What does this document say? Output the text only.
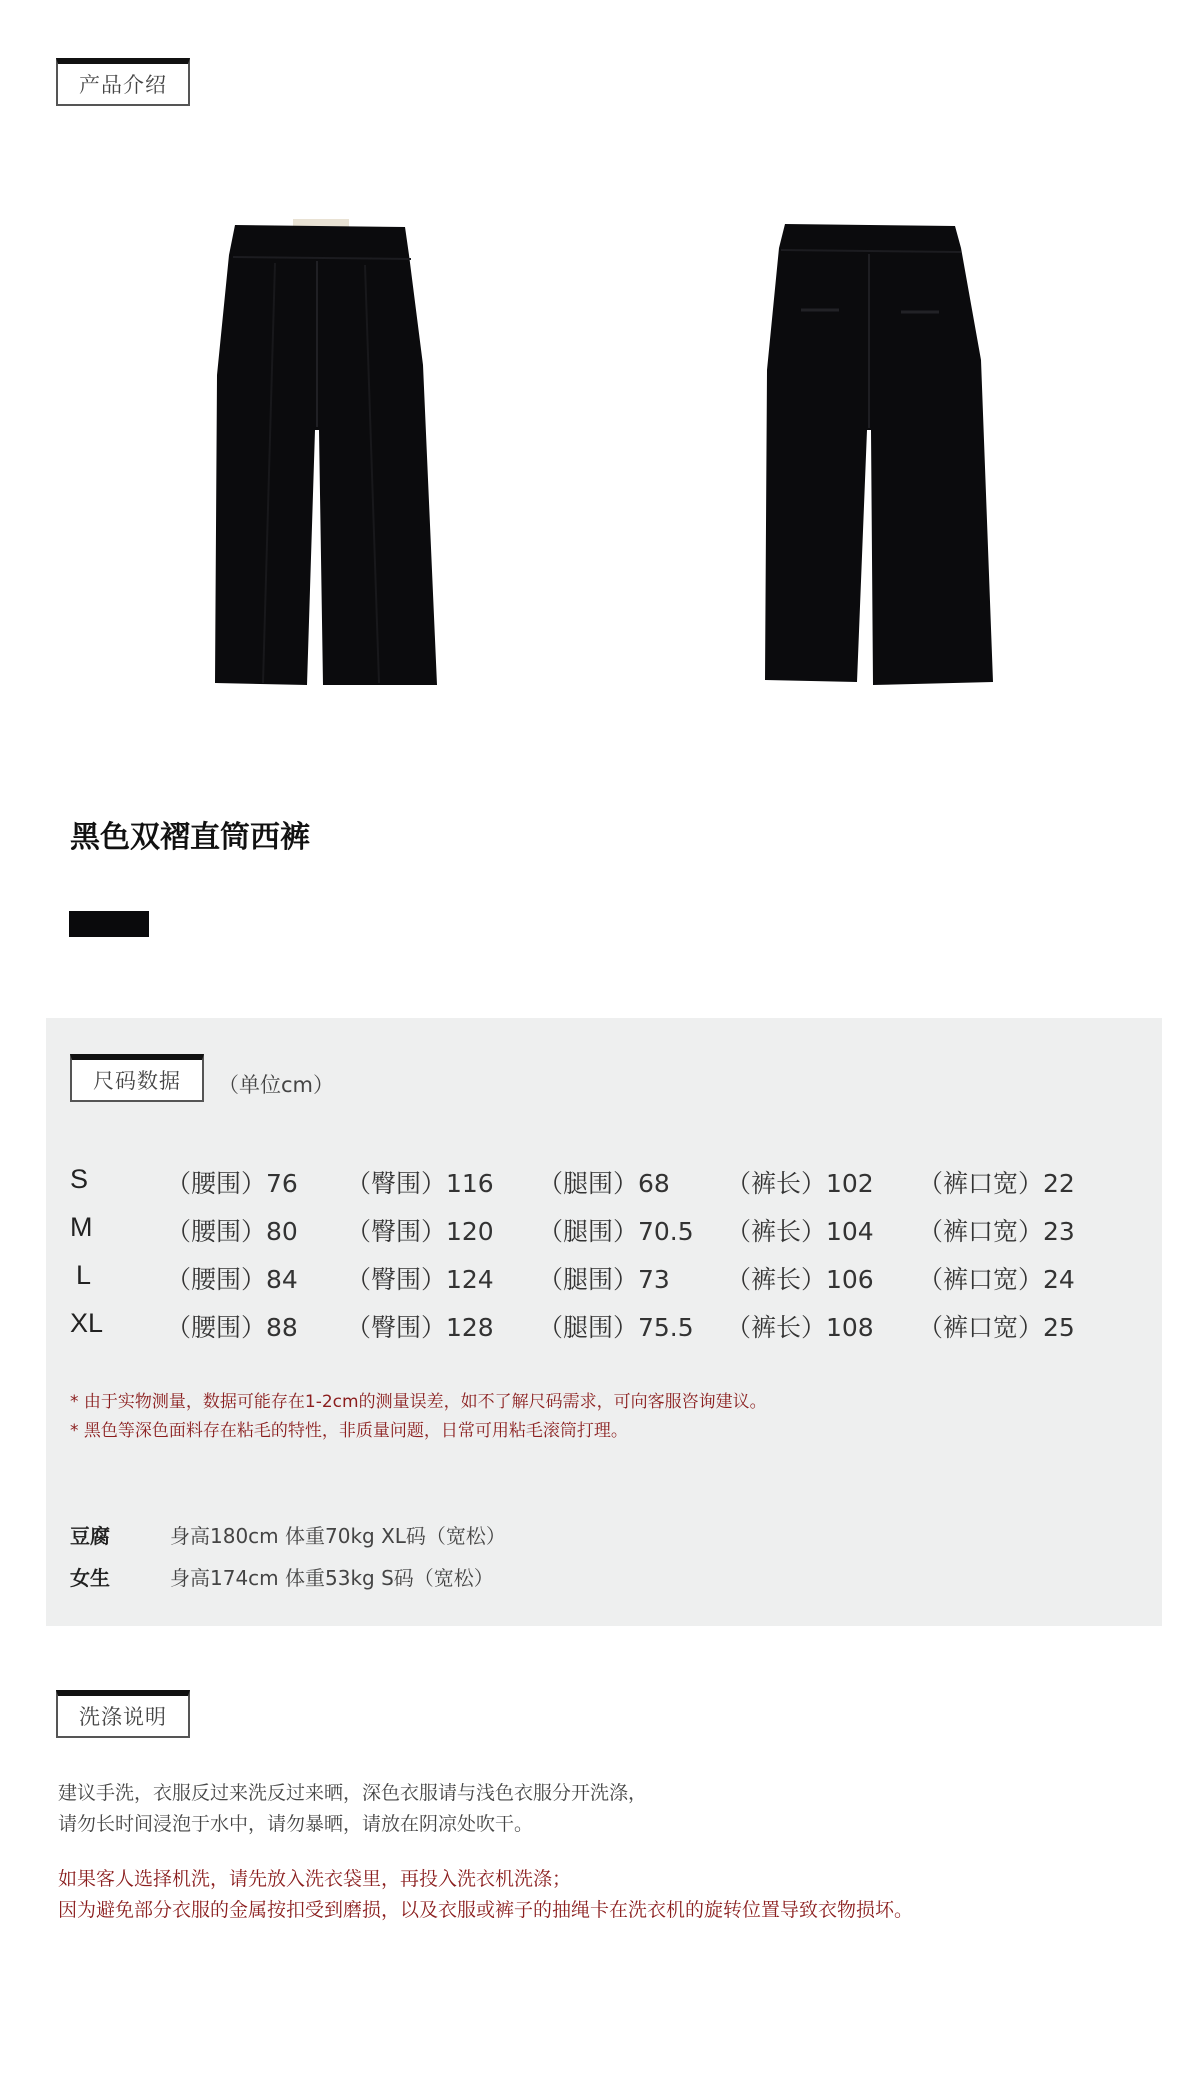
产品介绍
黑色双褶直筒西裤
尺码数据 （单位cm）
S	（腰围）76 （臀围）116 （腿围）68 （裤长）102 （裤口宽）22
M	（腰围）80 （臀围）120 （腿围）70.5 （裤长）104 （裤口宽）23
L	（腰围）84 （臀围）124 （腿围）73 （裤长）106 （裤口宽）24
XL	（腰围）88 （臀围）128 （腿围）75.5 （裤长）108 （裤口宽）25
* 由于实物测量，数据可能存在1-2cm的测量误差，如不了解尺码需求，可向客服咨询建议。
* 黑色等深色面料存在粘毛的特性，非质量问题，日常可用粘毛滚筒打理。
豆腐	身高180cm 体重70kg XL码（宽松）
女生	身高174cm 体重53kg S码（宽松）
洗涤说明
建议手洗，衣服反过来洗反过来晒，深色衣服请与浅色衣服分开洗涤，
请勿长时间浸泡于水中，请勿暴晒，请放在阴凉处吹干。
如果客人选择机洗，请先放入洗衣袋里，再投入洗衣机洗涤；
因为避免部分衣服的金属按扣受到磨损，以及衣服或裤子的抽绳卡在洗衣机的旋转位置导致衣物损坏。
